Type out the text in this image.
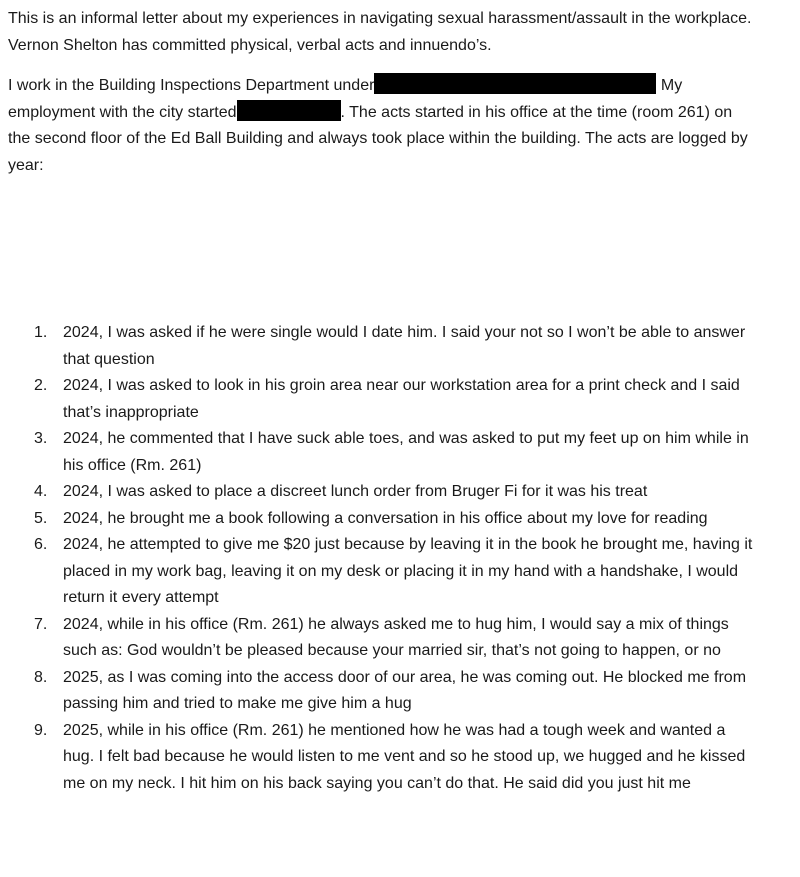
This is an informal letter about my experiences in navigating sexual harassment/assault in the workplace. Vernon Shelton has committed physical, verbal acts and innuendo’s.

I work in the Building Inspections Department under	My employment with the city started	. The acts started in his office at the time (room 261) on the second floor of the Ed Ball Building and always took place within the building. The acts are logged by year:

1. 2024, I was asked if he were single would I date him. I said your not so I won’t be able to answer that question
2. 2024, I was asked to look in his groin area near our workstation area for a print check and I said that’s inappropriate
3. 2024, he commented that I have suck able toes, and was asked to put my feet up on him while in his office (Rm. 261)
4. 2024, I was asked to place a discreet lunch order from Bruger Fi for it was his treat
5. 2024, he brought me a book following a conversation in his office about my love for reading
6. 2024, he attempted to give me $20 just because by leaving it in the book he brought me, having it placed in my work bag, leaving it on my desk or placing it in my hand with a handshake, I would return it every attempt
7. 2024, while in his office (Rm. 261) he always asked me to hug him, I would say a mix of things such as: God wouldn’t be pleased because your married sir, that’s not going to happen, or no
8. 2025, as I was coming into the access door of our area, he was coming out. He blocked me from passing him and tried to make me give him a hug
9. 2025, while in his office (Rm. 261) he mentioned how he was had a tough week and wanted a hug. I felt bad because he would listen to me vent and so he stood up, we hugged and he kissed me on my neck. I hit him on his back saying you can’t do that. He said did you just hit me
